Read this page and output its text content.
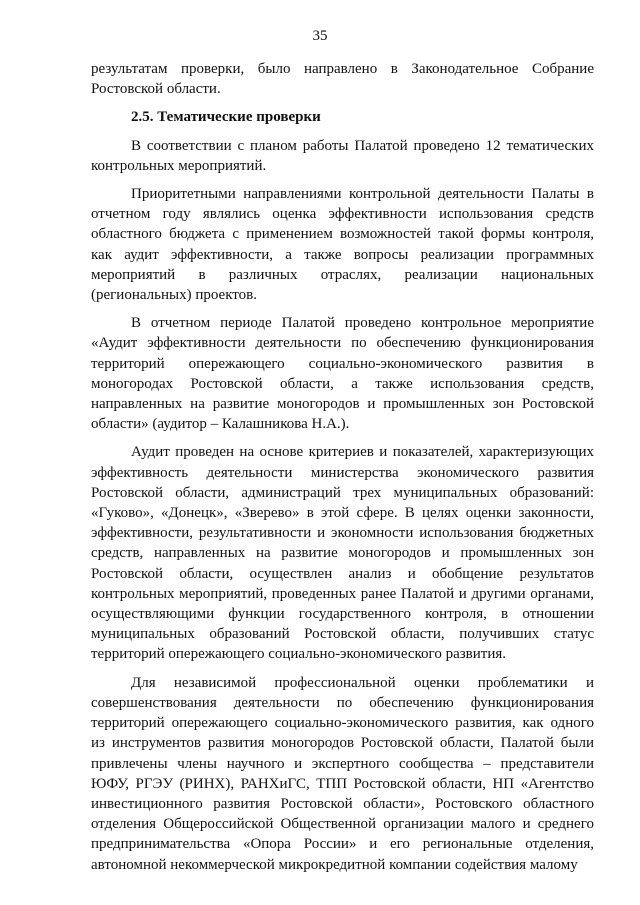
35

результатам проверки, было направлено в Законодательное Собрание Ростовской области.

2.5. Тематические проверки

В соответствии с планом работы Палатой проведено 12 тематических контрольных мероприятий.

Приоритетными направлениями контрольной деятельности Палаты в отчетном году являлись оценка эффективности использования средств областного бюджета с применением возможностей такой формы контроля, как аудит эффективности, а также вопросы реализации программных мероприятий в различных отраслях, реализации национальных (региональных) проектов.

В отчетном периоде Палатой проведено контрольное мероприятие «Аудит эффективности деятельности по обеспечению функционирования территорий опережающего социально-экономического развития в моногородах Ростовской области, а также использования средств, направленных на развитие моногородов и промышленных зон Ростовской области» (аудитор – Калашникова Н.А.).

Аудит проведен на основе критериев и показателей, характеризующих эффективность деятельности министерства экономического развития Ростовской области, администраций трех муниципальных образований: «Гуково», «Донецк», «Зверево» в этой сфере. В целях оценки законности, эффективности, результативности и экономности использования бюджетных средств, направленных на развитие моногородов и промышленных зон Ростовской области, осуществлен анализ и обобщение результатов контрольных мероприятий, проведенных ранее Палатой и другими органами, осуществляющими функции государственного контроля, в отношении муниципальных образований Ростовской области, получивших статус территорий опережающего социально-экономического развития.

Для независимой профессиональной оценки проблематики и совершенствования деятельности по обеспечению функционирования территорий опережающего социально-экономического развития, как одного из инструментов развития моногородов Ростовской области, Палатой были привлечены члены научного и экспертного сообщества – представители ЮФУ, РГЭУ (РИНХ), РАНХиГС, ТПП Ростовской области, НП «Агентство инвестиционного развития Ростовской области», Ростовского областного отделения Общероссийской Общественной организации малого и среднего предпринимательства «Опора России» и его региональные отделения, автономной некоммерческой микрокредитной компании содействия малому
